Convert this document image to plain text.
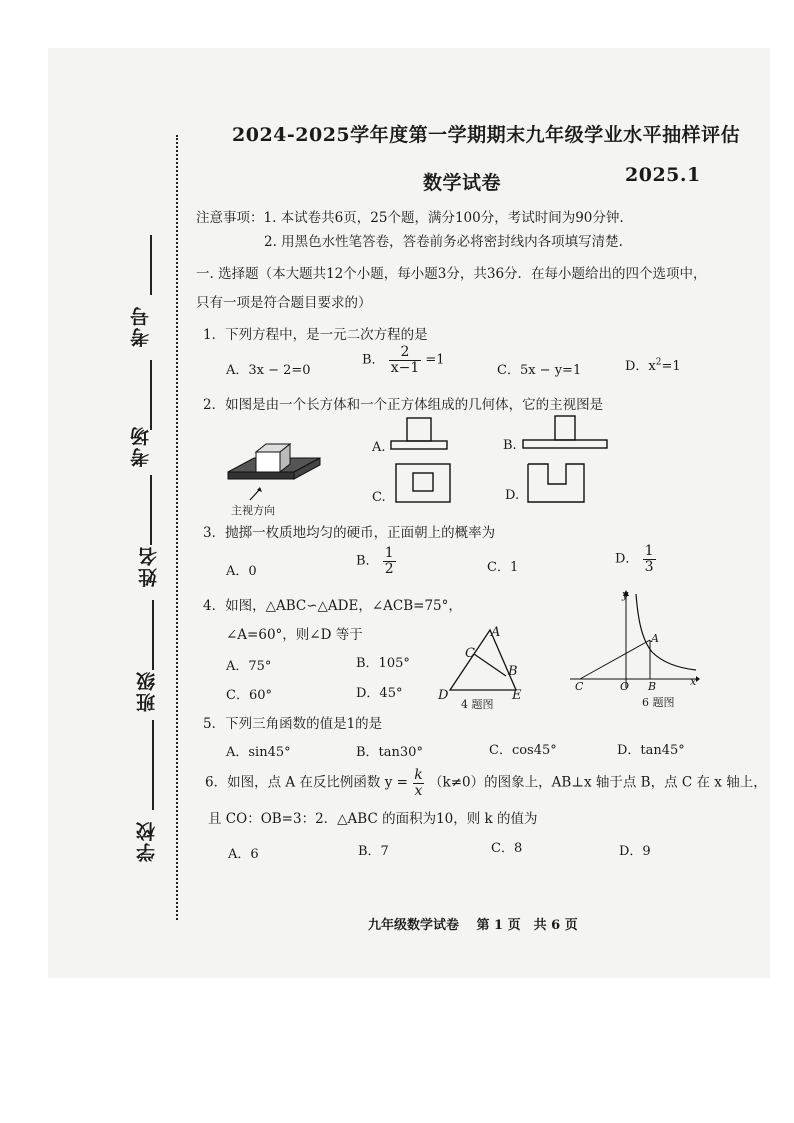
考号
考场
姓名
班级
学校
2024-2025学年度第一学期期末九年级学业水平抽样评估
数学试卷	2025.1
注意事项：1. 本试卷共6页，25个题，满分100分，考试时间为90分钟.
2. 用黑色水性笔答卷，答卷前务必将密封线内各项填写清楚.
一. 选择题（本大题共12个小题，每小题3分，共36分．在每小题给出的四个选项中，
只有一项是符合题目要求的）
1．下列方程中，是一元二次方程的是
A．3x − 2=0
B． $\frac{2}{x-1} =1$
C．5x − y=1	D．$x^2=1$
2．如图是由一个长方体和一个正方体组成的几何体，它的主视图是
主视方向
A.	B.
C.	D.
3．抛掷一枚质地均匀的硬币，正面朝上的概率为
A．0
B． $\frac{1}{2}$	C．1
D． $\frac{1}{3}$
4．如图，△ABC∽△ADE，∠ACB=75°，
∠A=60°，则∠D 等于
A．75°	B．105°
C．60°	D．45°
A
C
B
D	E
4 题图
y
x
A
C	O B
6 题图
5．下列三角函数的值是1的是
A．sin45°	B．tan30°	C．cos45°	D．tan45°
6．如图，点 A 在反比例函数 $y = \frac{k}{x} (k\ne 0)$的图象上，AB⊥x 轴于点 B，点 C 在 x 轴上，
且 CO：OB=3：2．△ABC 的面积为10，则 k 的值为
A．6	B．7	C．8	D．9
九年级数学试卷　 第 1 页　共 6 页
